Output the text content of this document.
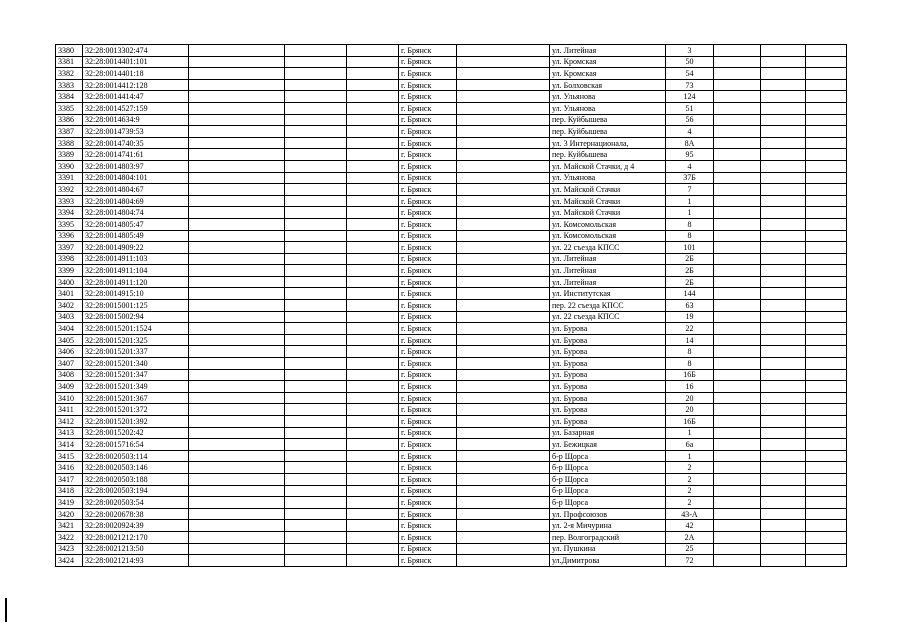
3380	32:28:0013302:474				г. Брянск		ул. Литейная	3			
3381	32:28:0014401:101				г. Брянск		ул. Кромская	50			
3382	32:28:0014401:18				г. Брянск		ул. Кромская	54			
3383	32:28:0014412:128				г. Брянск		ул. Болховская	73			
3384	32:28:0014414:47				г. Брянск		ул. Ульянова	124			
3385	32:28:0014527:159				г. Брянск		ул. Ульянова	51			
3386	32:28:0014634:9				г. Брянск		пер. Куйбышева	56			
3387	32:28:0014739:53				г. Брянск		пер. Куйбышева	4			
3388	32:28:0014740:35				г. Брянск		ул. 3 Интернационала,	8А			
3389	32:28:0014741:61				г. Брянск		пер. Куйбышева	95			
3390	32:28:0014803:97				г. Брянск		ул. Майской Стачки, д 4	4			
3391	32:28:0014804:101				г. Брянск		ул. Ульянова	37Б			
3392	32:28:0014804:67				г. Брянск		ул. Майской Стачки	7			
3393	32:28:0014804:69				г. Брянск		ул. Майской Стачки	1			
3394	32:28:0014804:74				г. Брянск		ул. Майской Стачки	1			
3395	32:28:0014805:47				г. Брянск		ул. Комсомольская	8			
3396	32:28:0014805:49				г. Брянск		ул. Комсомольская	8			
3397	32:28:0014909:22				г. Брянск		ул. 22 съезда КПСС	101			
3398	32:28:0014911:103				г. Брянск		ул. Литейная	2Б			
3399	32:28:0014911:104				г. Брянск		ул. Литейная	2Б			
3400	32:28:0014911:120				г. Брянск		ул. Литейная	2Б			
3401	32:28:0014915:10				г. Брянск		ул. Институтская	144			
3402	32:28:0015001:125				г. Брянск		пер. 22 съезда КПСС	63			
3403	32:28:0015002:94				г. Брянск		ул. 22 съезда КПСС	19			
3404	32:28:0015201:1524				г. Брянск		ул. Бурова	22			
3405	32:28:0015201:325				г. Брянск		ул. Бурова	14			
3406	32:28:0015201:337				г. Брянск		ул. Бурова	8			
3407	32:28:0015201:340				г. Брянск		ул. Бурова	8			
3408	32:28:0015201:347				г. Брянск		ул. Бурова	16Б			
3409	32:28:0015201:349				г. Брянск		ул. Бурова	16			
3410	32:28:0015201:367				г. Брянск		ул. Бурова	20			
3411	32:28:0015201:372				г. Брянск		ул. Бурова	20			
3412	32:28:0015201:392				г. Брянск		ул. Бурова	16Б			
3413	32:28:0015202:42				г. Брянск		ул. Базарная	1			
3414	32:28:0015716:54				г. Брянск		ул. Бежицкая	6а			
3415	32:28:0020503:114				г. Брянск		б-р Щорса	1			
3416	32:28:0020503:146				г. Брянск		б-р Щорса	2			
3417	32:28:0020503:188				г. Брянск		б-р Щорса	2			
3418	32:28:0020503:194				г. Брянск		б-р Щорса	2			
3419	32:28:0020503:54				г. Брянск		б-р Щорса	2			
3420	32:28:0020678:38				г. Брянск		ул. Профсоюзов	43-А			
3421	32:28:0020924:39				г. Брянск		ул. 2-я Мичурина	42			
3422	32:28:0021212:170				г. Брянск		пер. Волгоградский	2А			
3423	32:28:0021213:50				г. Брянск		ул. Пушкина	25			
3424	32:28:0021214:93				г. Брянск		ул.Димитрова	72			
